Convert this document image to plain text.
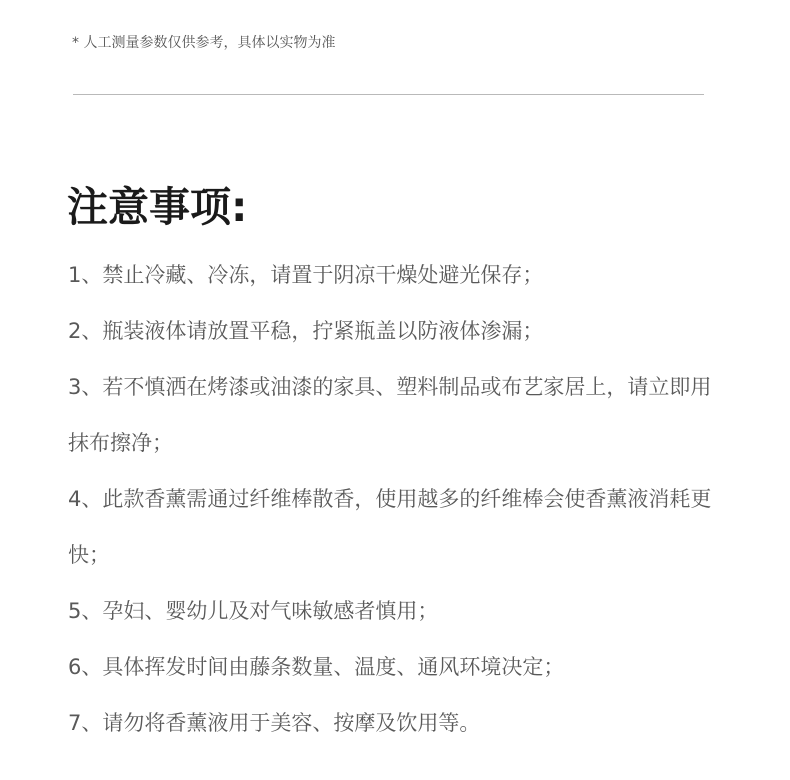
* 人工测量参数仅供参考，具体以实物为准
注意事项:
1、禁止冷藏、冷冻，请置于阴凉干燥处避光保存；
2、瓶装液体请放置平稳，拧紧瓶盖以防液体渗漏；
3、若不慎洒在烤漆或油漆的家具、塑料制品或布艺家居上，请立即用抹布擦净；
4、此款香薰需通过纤维棒散香，使用越多的纤维棒会使香薰液消耗更快；
5、孕妇、婴幼儿及对气味敏感者慎用；
6、具体挥发时间由藤条数量、温度、通风环境决定；
7、请勿将香薰液用于美容、按摩及饮用等。
